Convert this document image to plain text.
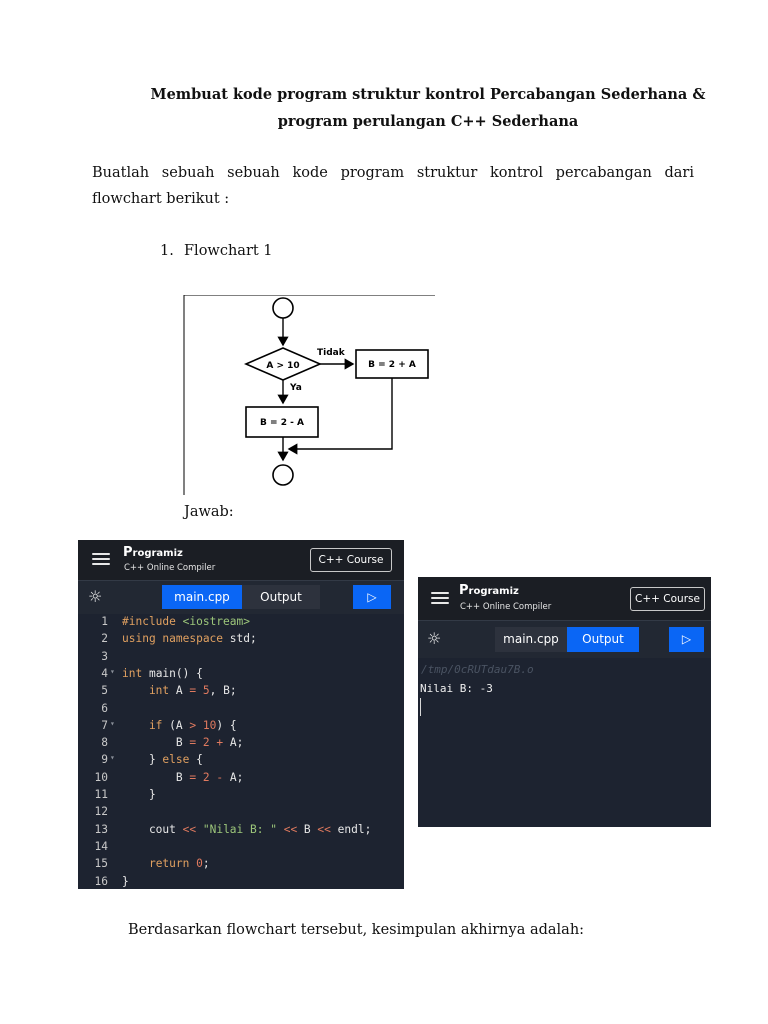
Membuat kode program struktur kontrol Percabangan Sederhana &
program perulangan C++ Sederhana
Buatlah sebuah sebuah kode program struktur kontrol percabangan dari flowchart berikut :
1. Flowchart 1
A > 10
Tidak
B = 2 + A
Ya
B = 2 - A
Jawab:
Programiz
C++ Online Compiler
C++ Course
☼	main.cpp	Output	▷
1 #include <iostream>
2 using namespace std;
3
4 ▾ int main() {
5 int A = 5, B;
6
7 ▾ if (A > 10) {
8 B = 2 + A;
9 ▾ } else {
10 B = 2 - A;
11 }
12
13 cout << "Nilai B: " << B << endl;
14
15	return 0;
16 }
Programiz
C++ Online Compiler
C++ Course
☼	main.cpp	Output	▷
/tmp/0cRUTdau7B.o
Nilai B: -3
Berdasarkan flowchart tersebut, kesimpulan akhirnya adalah:
